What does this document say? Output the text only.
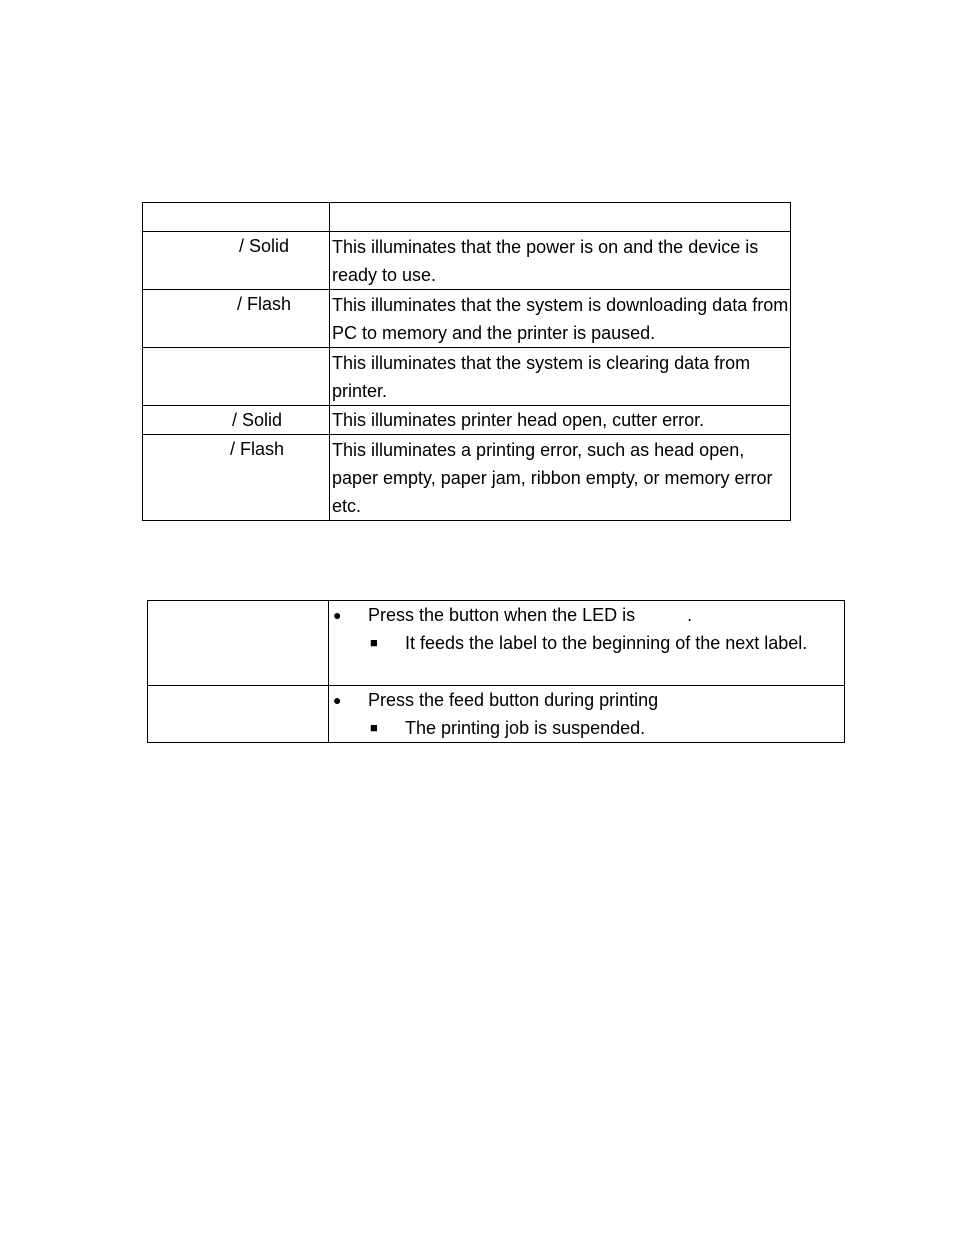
/ Solid	This illuminates that the power is on and the device is ready to use.
/ Flash	This illuminates that the system is downloading data from PC to memory and the printer is paused.
	This illuminates that the system is clearing data from printer.
/ Solid	This illuminates printer head open, cutter error.
/ Flash	This illuminates a printing error, such as head open, paper empty, paper jam, ribbon empty, or memory error etc.

	● Press the button when the LED is .
■ It feeds the label to the beginning of the next label.

	● Press the feed button during printing
■ The printing job is suspended.
